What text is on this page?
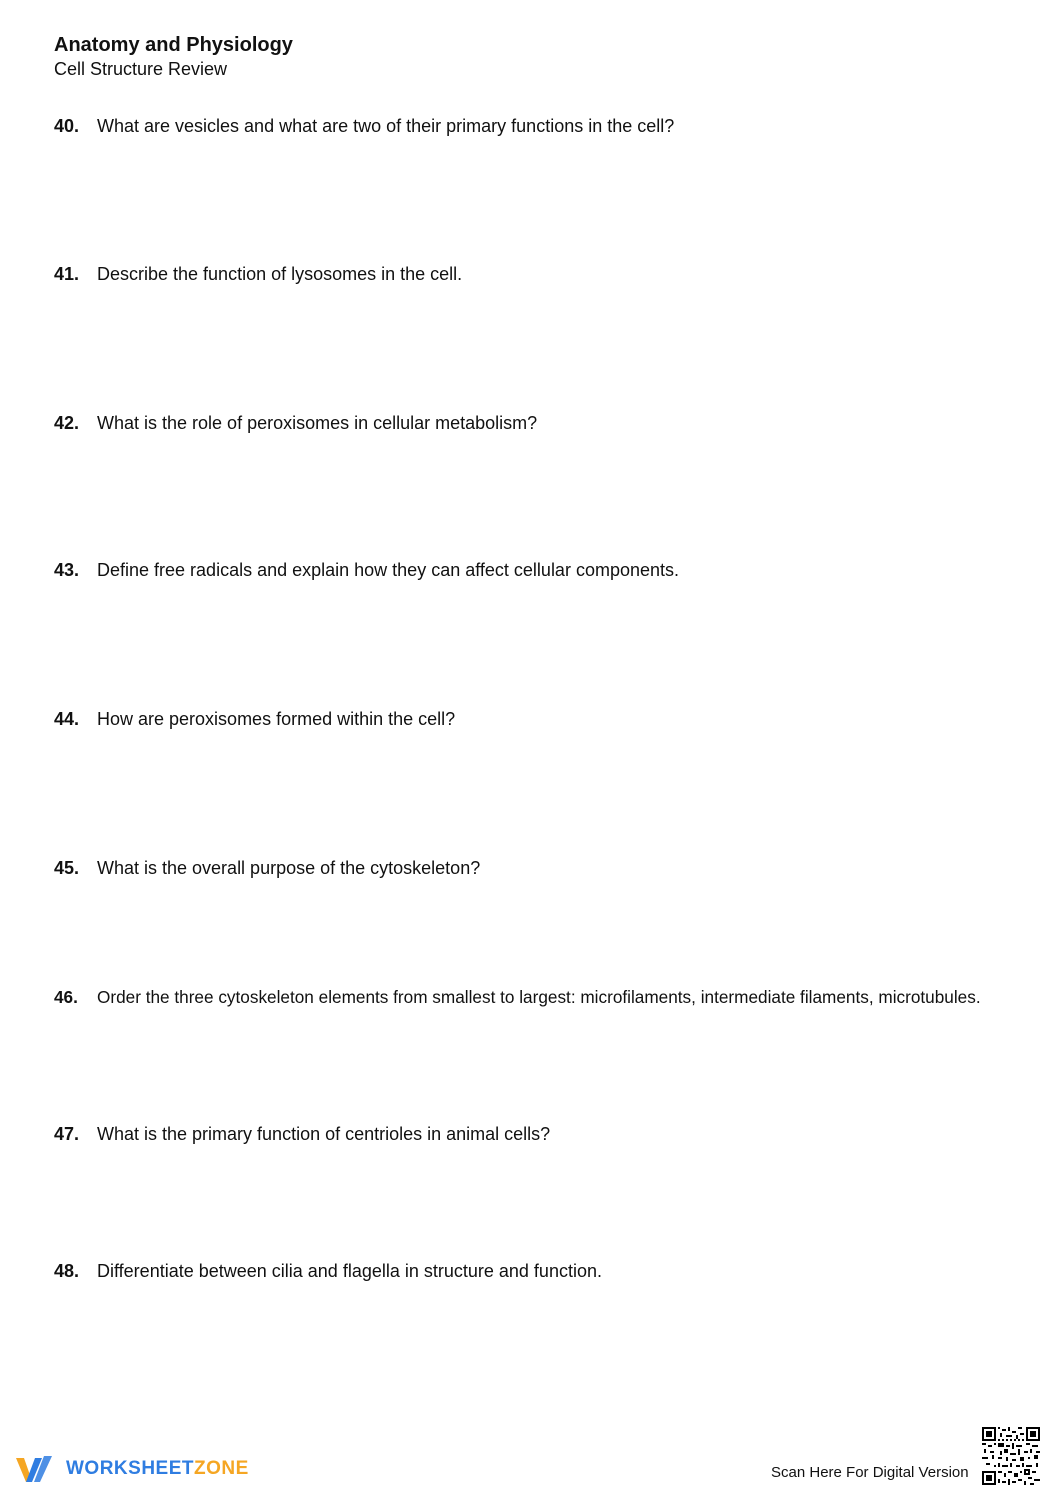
Anatomy and Physiology

Cell Structure Review

40. What are vesicles and what are two of their primary functions in the cell?
41. Describe the function of lysosomes in the cell.
42. What is the role of peroxisomes in cellular metabolism?
43. Define free radicals and explain how they can affect cellular components.
44. How are peroxisomes formed within the cell?
45. What is the overall purpose of the cytoskeleton?
46. Order the three cytoskeleton elements from smallest to largest: microfilaments, intermediate filaments, microtubules.
47. What is the primary function of centrioles in animal cells?
48. Differentiate between cilia and flagella in structure and function.
WORKSHEETZONE	Scan Here For Digital Version
